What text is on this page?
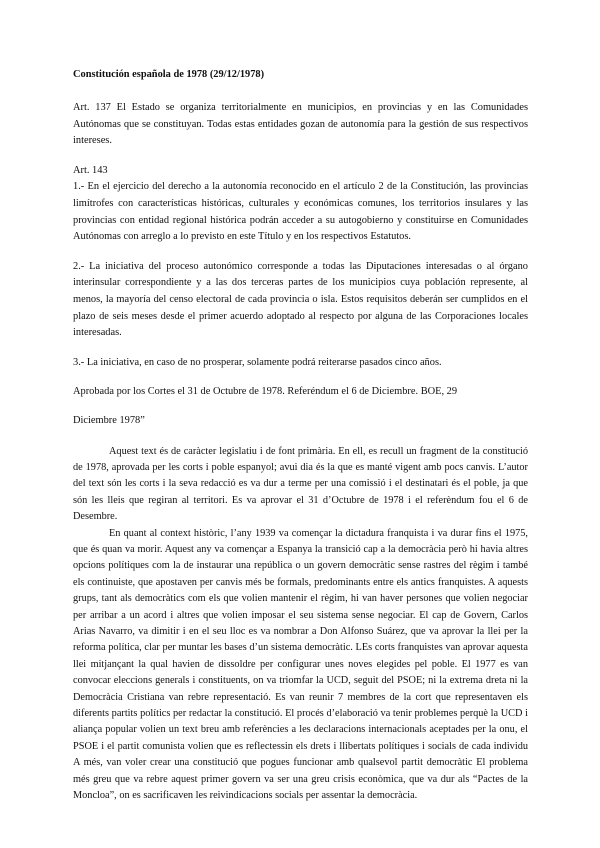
Constitución española de 1978 (29/12/1978)

Art. 137 El Estado se organiza territorialmente en municipios, en provincias y en las Comunidades Autónomas que se constituyan. Todas estas entidades gozan de autonomía para la gestión de sus respectivos intereses.

Art. 143

1.- En el ejercicio del derecho a la autonomía reconocido en el artículo 2 de la Constitución, las provincias limítrofes con características históricas, culturales y económicas comunes, los territorios insulares y las provincias con entidad regional histórica podrán acceder a su autogobierno y constituirse en Comunidades Autónomas con arreglo a lo previsto en este Título y en los respectivos Estatutos.

2.- La iniciativa del proceso autonómico corresponde a todas las Diputaciones interesadas o al órgano interinsular correspondiente y a las dos terceras partes de los municipios cuya población represente, al menos, la mayoría del censo electoral de cada provincia o isla. Estos requisitos deberán ser cumplidos en el plazo de seis meses desde el primer acuerdo adoptado al respecto por alguna de las Corporaciones locales interesadas.

3.- La iniciativa, en caso de no prosperar, solamente podrá reiterarse pasados cinco años.

Aprobada por los Cortes el 31 de Octubre de 1978. Referéndum el 6 de Diciembre. BOE, 29

Diciembre 1978”

Aquest text és de caràcter legislatiu i de font primària. En ell, es recull un fragment de la constitució de 1978, aprovada per les corts i poble espanyol; avui dia és la que es manté vigent amb pocs canvis. L’autor del text són les corts i la seva redacció es va dur a terme per una comissió i el destinatari és el poble, ja que són les lleis que regiran al territori. Es va aprovar el 31 d’Octubre de 1978 i el referèndum fou el 6 de Desembre.

En quant al context històric, l’any 1939 va començar la dictadura franquista i va durar fins el 1975, que és quan va morir. Aquest any va començar a Espanya la transició cap a la democràcia però hi havia altres opcions polítiques com la de instaurar una república o un govern democràtic sense rastres del règim i també els continuiste, que apostaven per canvis més be formals, predominants entre els antics franquistes. A aquests grups, tant als democràtics com els que volien mantenir el règim, hi van haver persones que volien negociar per arribar a un acord i altres que volien imposar el seu sistema sense negociar. El cap de Govern, Carlos Arias Navarro, va dimitir i en el seu lloc es va nombrar a Don Alfonso Suárez, que va aprovar la llei per la reforma política, clar per muntar les bases d’un sistema democràtic. LEs corts franquistes van aprovar aquesta llei mitjançant la qual havien de dissoldre per configurar unes noves elegides pel poble. El 1977 es van convocar eleccions generals i constituents, on va triomfar la UCD, seguit del PSOE; ni la extrema dreta ni la Democràcia Cristiana van rebre representació. Es van reunir 7 membres de la cort que representaven els diferents partits polítics per redactar la constitució. El procés d’elaboració va tenir problemes perquè la UCD i aliança popular volien un text breu amb referències a les declaracions internacionals aceptades per la onu, el PSOE i el partit comunista volien que es reflectessin els drets i llibertats polítiques i socials de cada individu A més, van voler crear una constitució que pogues funcionar amb qualsevol partit democràtic El problema més greu que va rebre aquest primer govern va ser una greu crisis econòmica, que va dur als “Pactes de la Moncloa”, on es sacrificaven les reivindicacions socials per assentar la democràcia.
